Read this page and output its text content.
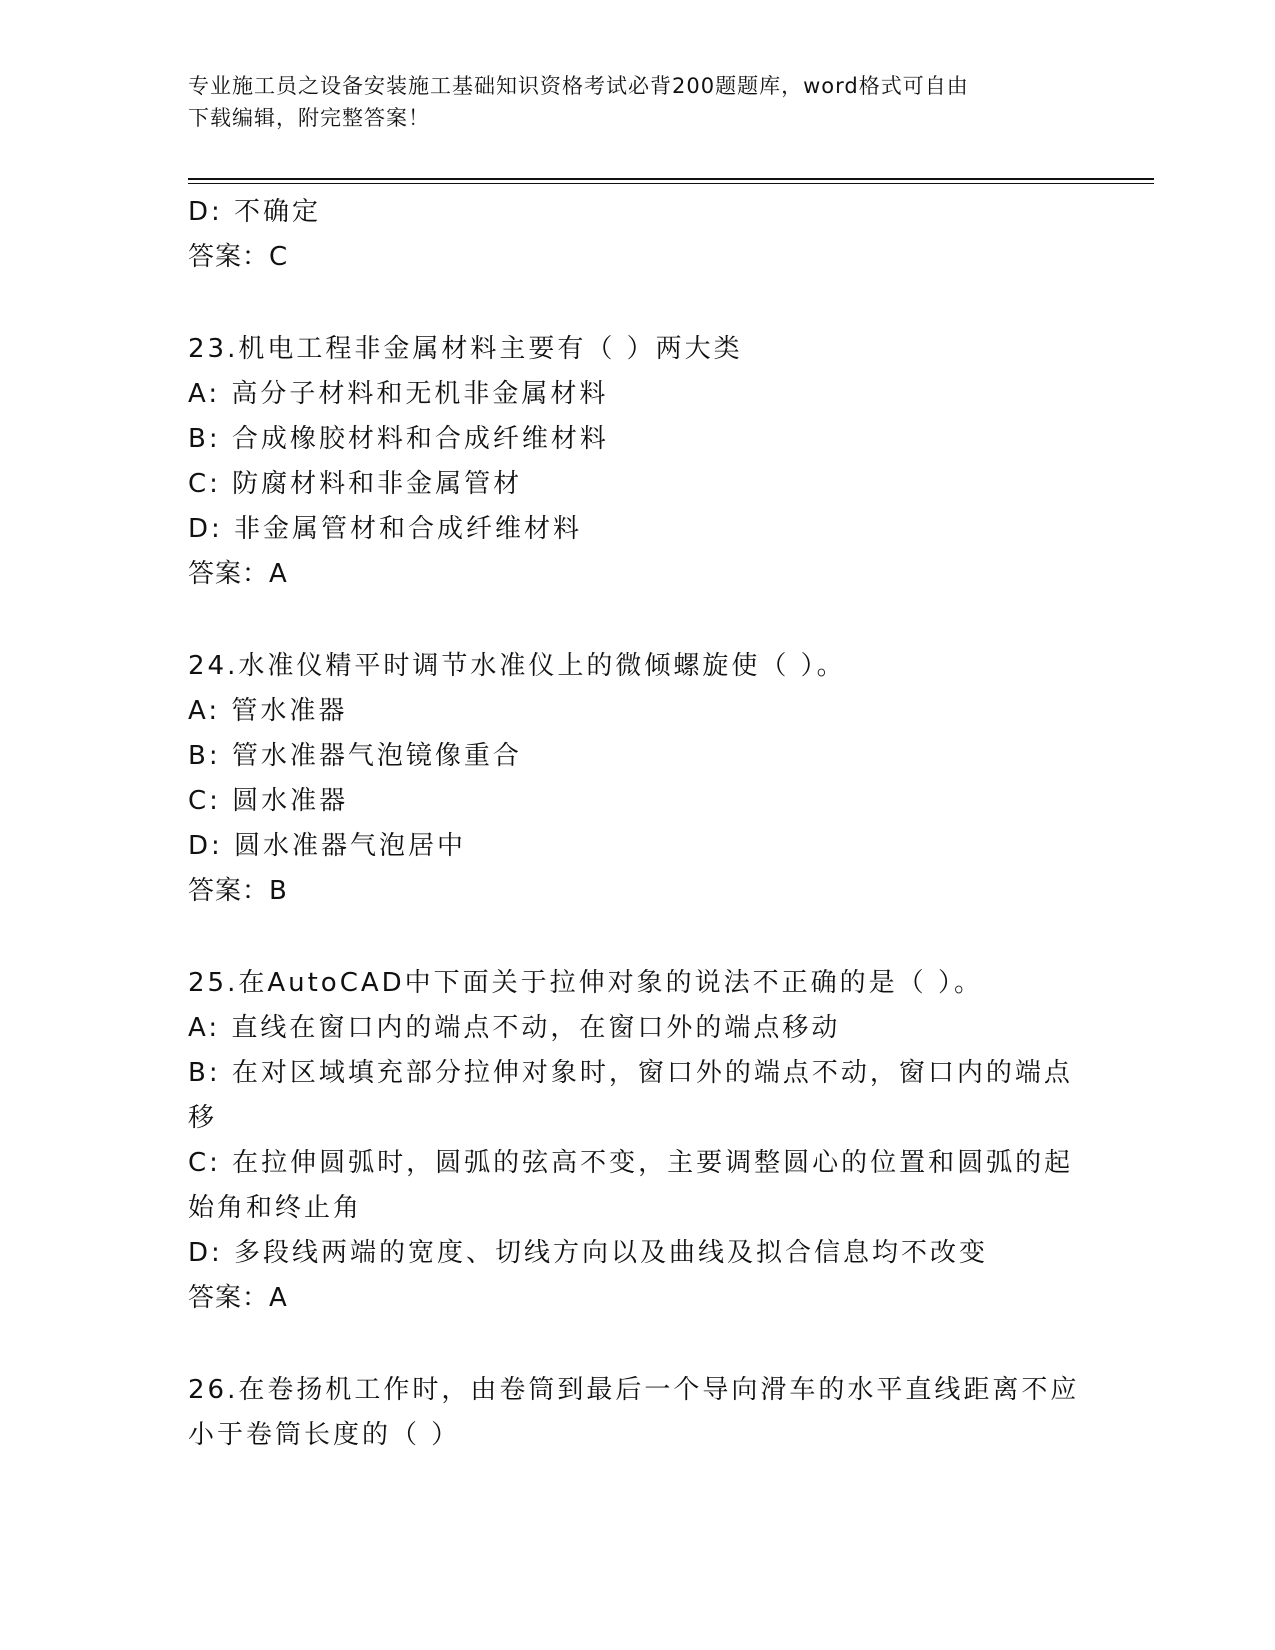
专业施工员之设备安装施工基础知识资格考试必背200题题库，word格式可自由
下载编辑，附完整答案！
D: 不确定
答案：C
23.机电工程非金属材料主要有（ ）两大类
A: 高分子材料和无机非金属材料
B: 合成橡胶材料和合成纤维材料
C: 防腐材料和非金属管材
D: 非金属管材和合成纤维材料
答案：A
24.水准仪精平时调节水准仪上的微倾螺旋使（ ）。
A: 管水准器
B: 管水准器气泡镜像重合
C: 圆水准器
D: 圆水准器气泡居中
答案：B
25.在AutoCAD中下面关于拉伸对象的说法不正确的是（ ）。
A: 直线在窗口内的端点不动，在窗口外的端点移动
B: 在对区域填充部分拉伸对象时，窗口外的端点不动，窗口内的端点
移
C: 在拉伸圆弧时，圆弧的弦高不变，主要调整圆心的位置和圆弧的起
始角和终止角
D: 多段线两端的宽度、切线方向以及曲线及拟合信息均不改变
答案：A
26.在卷扬机工作时，由卷筒到最后一个导向滑车的水平直线距离不应
小于卷筒长度的（ ）
